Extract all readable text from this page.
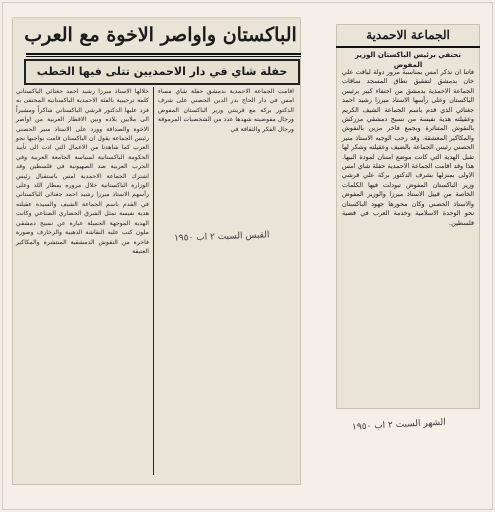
الباكستان واواصر الاخوة مع العرب
حفلة شاي في دار الاحمديين تتلى فيها الخطب
اقامت الجماعة الاحمدية بدمشق حفلة شاي مساء امس في دار الحاج بدر الدين الحصني على شرف الدكتور بركة مع قرينتي وزير الباكستان المفوض ورجال مفوضيته شهدها عدد من الشخصيات المرموقة ورجال الفكر والثقافة في
خلالها الاستاذ ميرزا رشيد احمد جغتائي الباكستاني كلمة ترحيبية بالفئة الاحمدية الباكستانية المحتفى به فرد عليها الدكتور قرشي الباكستاني شاكراً ومشيراً الى ملايين بلاده وبين الاقطار العربية من اواصر الاخوة والصداقة وورد على الاستاذ منير الحصني رئيس الجماعة يقول ان الباكستان قامت بواجبها نحو العرب كما شاهدنا من الاعمال التي ادت الى تأييد الحكومة الباكستانية لسياسة الجامعة العربية وفي الحرب العربية ضد الصهيونية في فلسطين وقد اشترك الجماعة الاحمدية امس باستقبال رئيس الوزارة الباكستانية خلال مروره بمطار اللد وعلى رأسهم الاستاذ ميرزا رشيد احمد جغتائي الباكستاني في القدم باسم الجماعة الشيف والسيدة عقيلته هدية نفيسة تمثل الشرق الحضاري الصناعي وكانت الهدية الموجهة الجميلة عبارة عن نسيج دمشقي ملون كتب عليه النقاشة الذهبية والزخارف وصورة فاخرة من النقوش الدمشقية المنتشرة والمكاكير العتيقة
القبس السبت ٢ اب ١٩٥٠
الجماعة الاحمدية
تحتفي برئيس الباكستان الوزير المفوض
فاتنا ان نذكر امس بمناسبة مرور دولة لياقت علي خان بدمشق لتفقيق نطاق المسجد ساقات الجماعة الاحمدية بدمشق من احتفاء كبير برئيس الباكستان وعلى رأسها الاستاذ ميرزا رشيد احمد جغتائي الذي قدم باسم الجماعة الشيف الكريم وعقيلته هدية نفيسة من نسيج دمشقي مزركش بالنقوش المتناثرة ويجمع فاخر مزين بالنقوش والمكاكير المعشقة. وقد رحب الوجيه الاستاذ منير الحصني رئيس الجماعة بالضيف وعقيلته وشكر لها تقبل الهدية التي كانت موضع امتنان لمودة البيها. هذا وقد اقامت الجماعة الاحمدية حفلة شاي امس الاولى بمنزلها بشرف الدكتور بركة علي قرشي وزير الباكستان المفوض تبودلت فيها الكلمات الخاصة من قبيل الاستاذ ميرزا والوزير المفوض والاستاذ الحصني وكان محورها جهود الباكستان نحو الوحدة الاسلامية وخدمة العرب في قضية فلسطين.
الشهر السبت ٢ اب ١٩٥٠
